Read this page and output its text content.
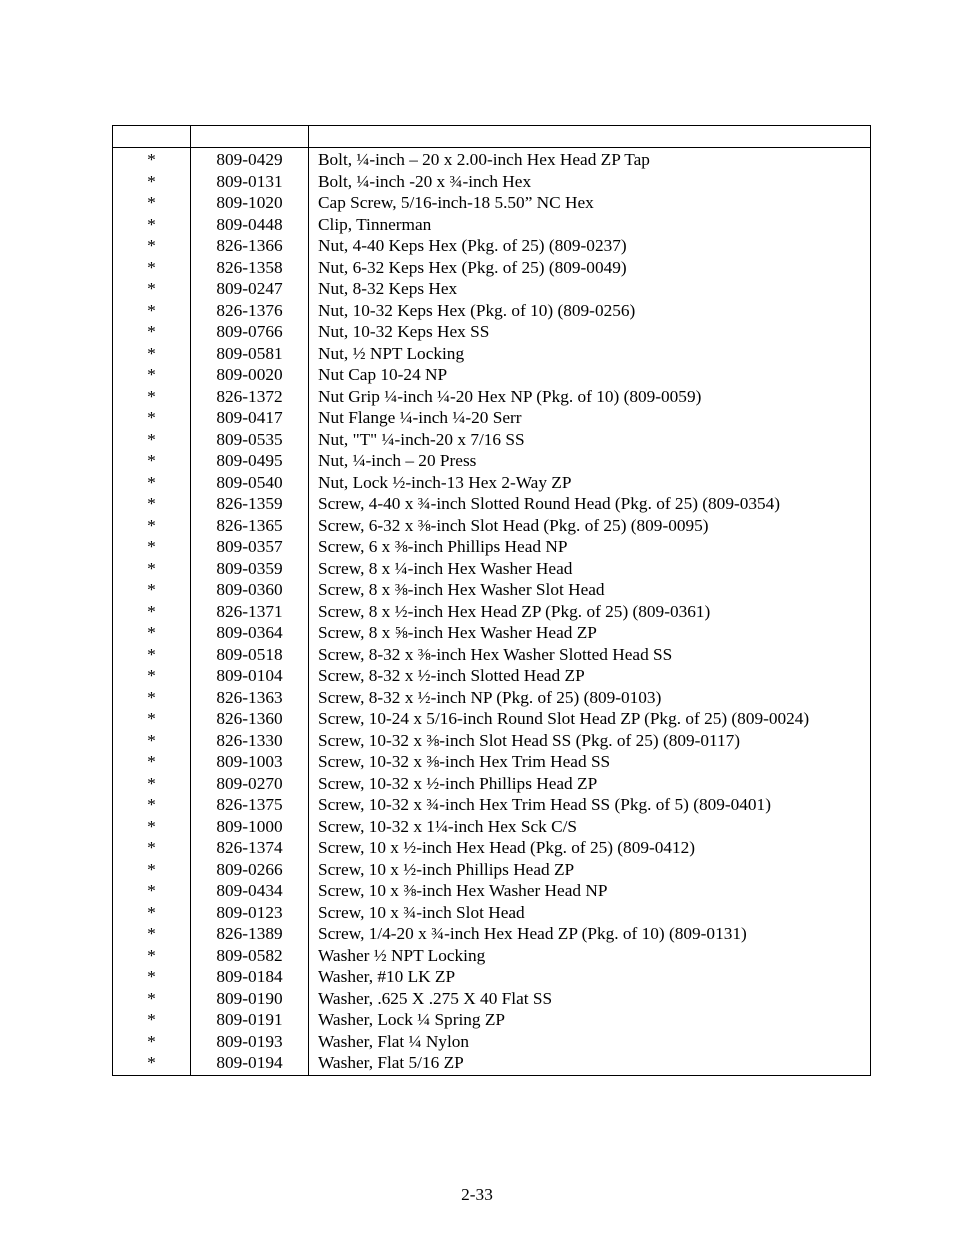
*
*
*
*
*
*
*
*
*
*
*
*
*
*
*
*
*
*
*
*
*
*
*
*
*
*
*
*
*
*
*
*
*
*
*
*
*
*
*
*
*
*
*
809-0429
809-0131
809-1020
809-0448
826-1366
826-1358
809-0247
826-1376
809-0766
809-0581
809-0020
826-1372
809-0417
809-0535
809-0495
809-0540
826-1359
826-1365
809-0357
809-0359
809-0360
826-1371
809-0364
809-0518
809-0104
826-1363
826-1360
826-1330
809-1003
809-0270
826-1375
809-1000
826-1374
809-0266
809-0434
809-0123
826-1389
809-0582
809-0184
809-0190
809-0191
809-0193
809-0194
Bolt, ¼-inch – 20 x 2.00-inch Hex Head ZP Tap
Bolt, ¼-inch -20 x ¾-inch Hex
Cap Screw, 5/16-inch-18 5.50” NC Hex
Clip, Tinnerman
Nut, 4-40 Keps Hex (Pkg. of 25) (809-0237)
Nut, 6-32 Keps Hex (Pkg. of 25) (809-0049)
Nut, 8-32 Keps Hex
Nut, 10-32 Keps Hex (Pkg. of 10) (809-0256)
Nut, 10-32 Keps Hex SS
Nut, ½ NPT Locking
Nut Cap 10-24 NP
Nut Grip ¼-inch ¼-20 Hex NP (Pkg. of 10) (809-0059)
Nut Flange ¼-inch ¼-20 Serr
Nut, "T" ¼-inch-20 x 7/16 SS
Nut, ¼-inch – 20 Press
Nut, Lock ½-inch-13 Hex 2-Way ZP
Screw, 4-40 x ¾-inch Slotted Round Head (Pkg. of 25) (809-0354)
Screw, 6-32 x ⅜-inch Slot Head (Pkg. of 25) (809-0095)
Screw, 6 x ⅜-inch Phillips Head NP
Screw, 8 x ¼-inch Hex Washer Head
Screw, 8 x ⅜-inch Hex Washer Slot Head
Screw, 8 x ½-inch Hex Head ZP (Pkg. of 25) (809-0361)
Screw, 8 x ⅝-inch Hex Washer Head ZP
Screw, 8-32 x ⅜-inch Hex Washer Slotted Head SS
Screw, 8-32 x ½-inch Slotted Head ZP
Screw, 8-32 x ½-inch NP (Pkg. of 25) (809-0103)
Screw, 10-24 x 5/16-inch Round Slot Head ZP (Pkg. of 25) (809-0024)
Screw, 10-32 x ⅜-inch Slot Head SS (Pkg. of 25) (809-0117)
Screw, 10-32 x ⅜-inch Hex Trim Head SS
Screw, 10-32 x ½-inch Phillips Head ZP
Screw, 10-32 x ¾-inch Hex Trim Head SS (Pkg. of 5) (809-0401)
Screw, 10-32 x 1¼-inch Hex Sck C/S
Screw, 10 x ½-inch Hex Head (Pkg. of 25) (809-0412)
Screw, 10 x ½-inch Phillips Head ZP
Screw, 10 x ⅜-inch Hex Washer Head NP
Screw, 10 x ¾-inch Slot Head
Screw, 1/4-20 x ¾-inch Hex Head ZP (Pkg. of 10) (809-0131)
Washer ½ NPT Locking
Washer, #10 LK ZP
Washer, .625 X .275 X 40 Flat SS
Washer, Lock ¼ Spring ZP
Washer, Flat ¼ Nylon
Washer, Flat 5/16 ZP
2-33
